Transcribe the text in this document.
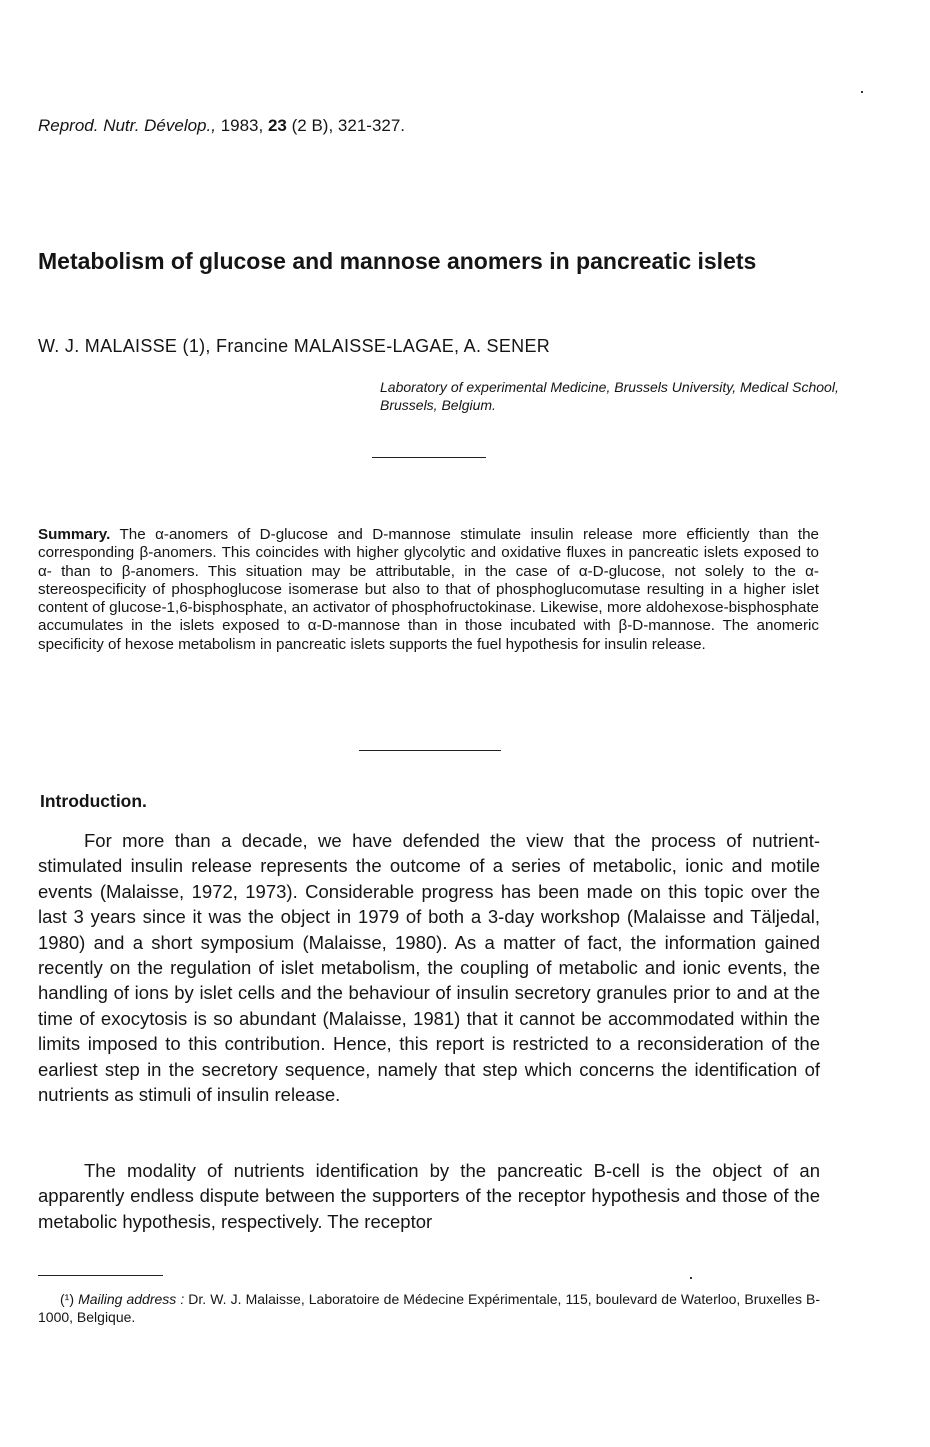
Reprod. Nutr. Dévelop., 1983, 23 (2 B), 321-327.
Metabolism of glucose and mannose anomers in pancreatic islets
W. J. MALAISSE (1), Francine MALAISSE-LAGAE, A. SENER
Laboratory of experimental Medicine, Brussels University, Medical School, Brussels, Belgium.
Summary. The α-anomers of D-glucose and D-mannose stimulate insulin release more efficiently than the corresponding β-anomers. This coincides with higher glycolytic and oxidative fluxes in pancreatic islets exposed to α- than to β-anomers. This situation may be attributable, in the case of α-D-glucose, not solely to the α-stereospecificity of phosphoglucose isomerase but also to that of phosphoglucomutase resulting in a higher islet content of glucose-1,6-bisphosphate, an activator of phosphofructokinase. Likewise, more aldohexose-bisphosphate accumulates in the islets exposed to α-D-mannose than in those incubated with β-D-mannose. The anomeric specificity of hexose metabolism in pancreatic islets supports the fuel hypothesis for insulin release.
Introduction.

For more than a decade, we have defended the view that the process of nutrient-stimulated insulin release represents the outcome of a series of metabolic, ionic and motile events (Malaisse, 1972, 1973). Considerable progress has been made on this topic over the last 3 years since it was the object in 1979 of both a 3-day workshop (Malaisse and Täljedal, 1980) and a short symposium (Malaisse, 1980). As a matter of fact, the information gained recently on the regulation of islet metabolism, the coupling of metabolic and ionic events, the handling of ions by islet cells and the behaviour of insulin secretory granules prior to and at the time of exocytosis is so abundant (Malaisse, 1981) that it cannot be accommodated within the limits imposed to this contribution. Hence, this report is restricted to a reconsideration of the earliest step in the secretory sequence, namely that step which concerns the identification of nutrients as stimuli of insulin release.

The modality of nutrients identification by the pancreatic B-cell is the object of an apparently endless dispute between the supporters of the receptor hypothesis and those of the metabolic hypothesis, respectively. The receptor

(¹) Mailing address : Dr. W. J. Malaisse, Laboratoire de Médecine Expérimentale, 115, boulevard de Waterloo, Bruxelles B-1000, Belgique.
